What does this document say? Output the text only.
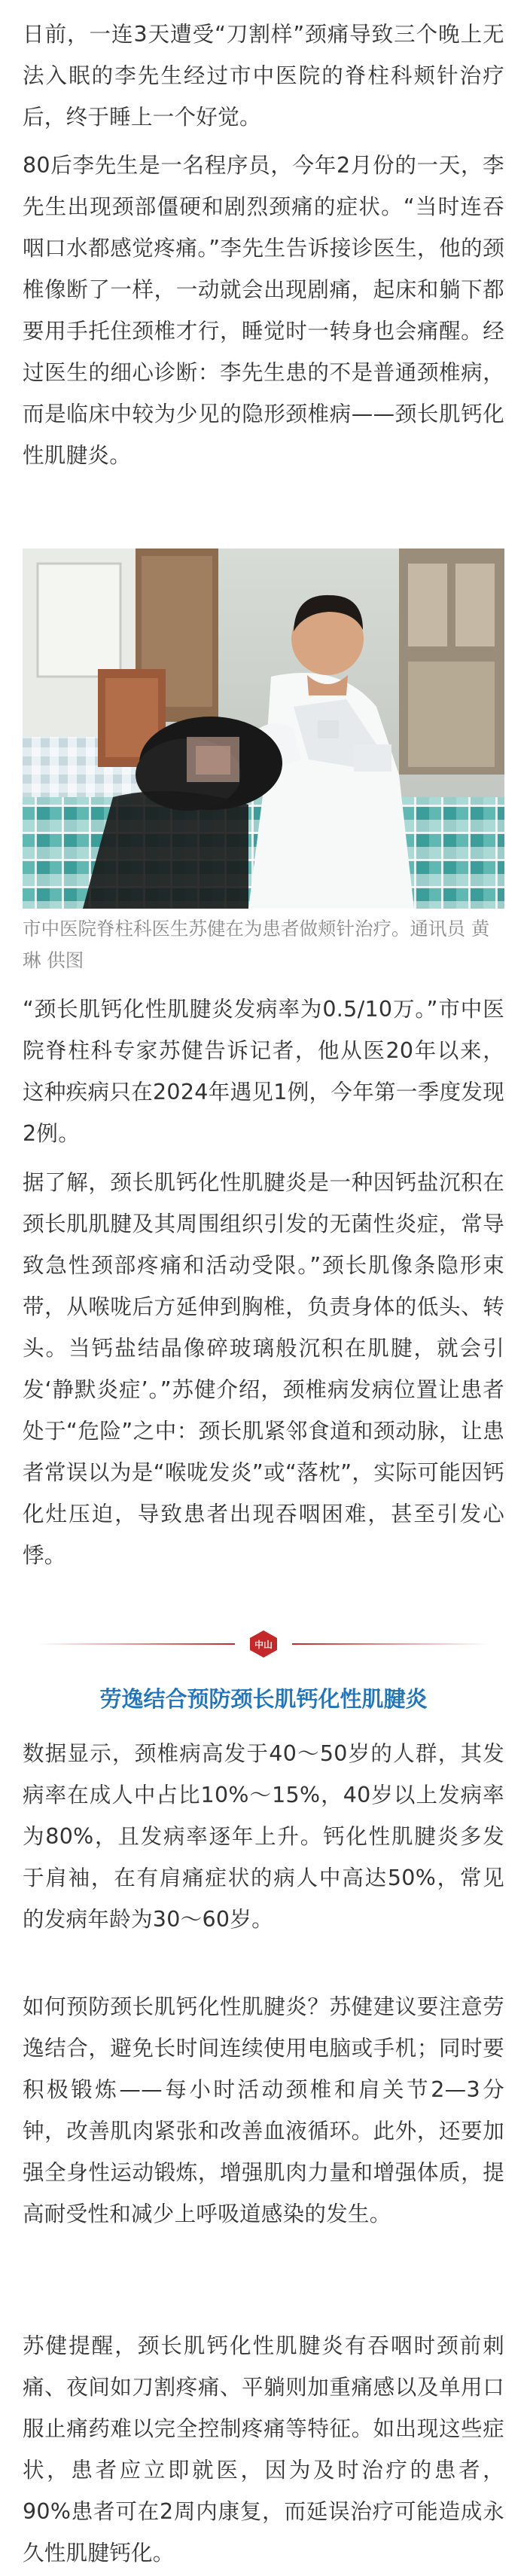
日前，一连3天遭受“刀割样”颈痛导致三个晚上无法入眠的李先生经过市中医院的脊柱科颊针治疗后，终于睡上一个好觉。

80后李先生是一名程序员，今年2月份的一天，李先生出现颈部僵硬和剧烈颈痛的症状。“当时连吞咽口水都感觉疼痛。”李先生告诉接诊医生，他的颈椎像断了一样，一动就会出现剧痛，起床和躺下都要用手托住颈椎才行，睡觉时一转身也会痛醒。经过医生的细心诊断：李先生患的不是普通颈椎病，而是临床中较为少见的隐形颈椎病——颈长肌钙化性肌腱炎。

市中医院脊柱科医生苏健在为患者做颊针治疗。通讯员 黄琳 供图

“颈长肌钙化性肌腱炎发病率为0.5/10万。”市中医院脊柱科专家苏健告诉记者，他从医20年以来，这种疾病只在2024年遇见1例，今年第一季度发现2例。

据了解，颈长肌钙化性肌腱炎是一种因钙盐沉积在颈长肌肌腱及其周围组织引发的无菌性炎症，常导致急性颈部疼痛和活动受限。”颈长肌像条隐形束带，从喉咙后方延伸到胸椎，负责身体的低头、转头。当钙盐结晶像碎玻璃般沉积在肌腱，就会引发‘静默炎症’。”苏健介绍，颈椎病发病位置让患者处于“危险”之中：颈长肌紧邻食道和颈动脉，让患者常误以为是“喉咙发炎”或“落枕”，实际可能因钙化灶压迫，导致患者出现吞咽困难，甚至引发心悸。

中山
劳逸结合预防颈长肌钙化性肌腱炎

数据显示，颈椎病高发于40～50岁的人群，其发病率在成人中占比10%～15%，40岁以上发病率为80%，且发病率逐年上升。钙化性肌腱炎多发于肩袖，在有肩痛症状的病人中高达50%，常见的发病年龄为30～60岁。

如何预防颈长肌钙化性肌腱炎？苏健建议要注意劳逸结合，避免长时间连续使用电脑或手机；同时要积极锻炼——每小时活动颈椎和肩关节2—3分钟，改善肌肉紧张和改善血液循环。此外，还要加强全身性运动锻炼，增强肌肉力量和增强体质，提高耐受性和减少上呼吸道感染的发生。

苏健提醒，颈长肌钙化性肌腱炎有吞咽时颈前刺痛、夜间如刀割疼痛、平躺则加重痛感以及单用口服止痛药难以完全控制疼痛等特征。如出现这些症状，患者应立即就医，因为及时治疗的患者，90%患者可在2周内康复，而延误治疗可能造成永久性肌腱钙化。
